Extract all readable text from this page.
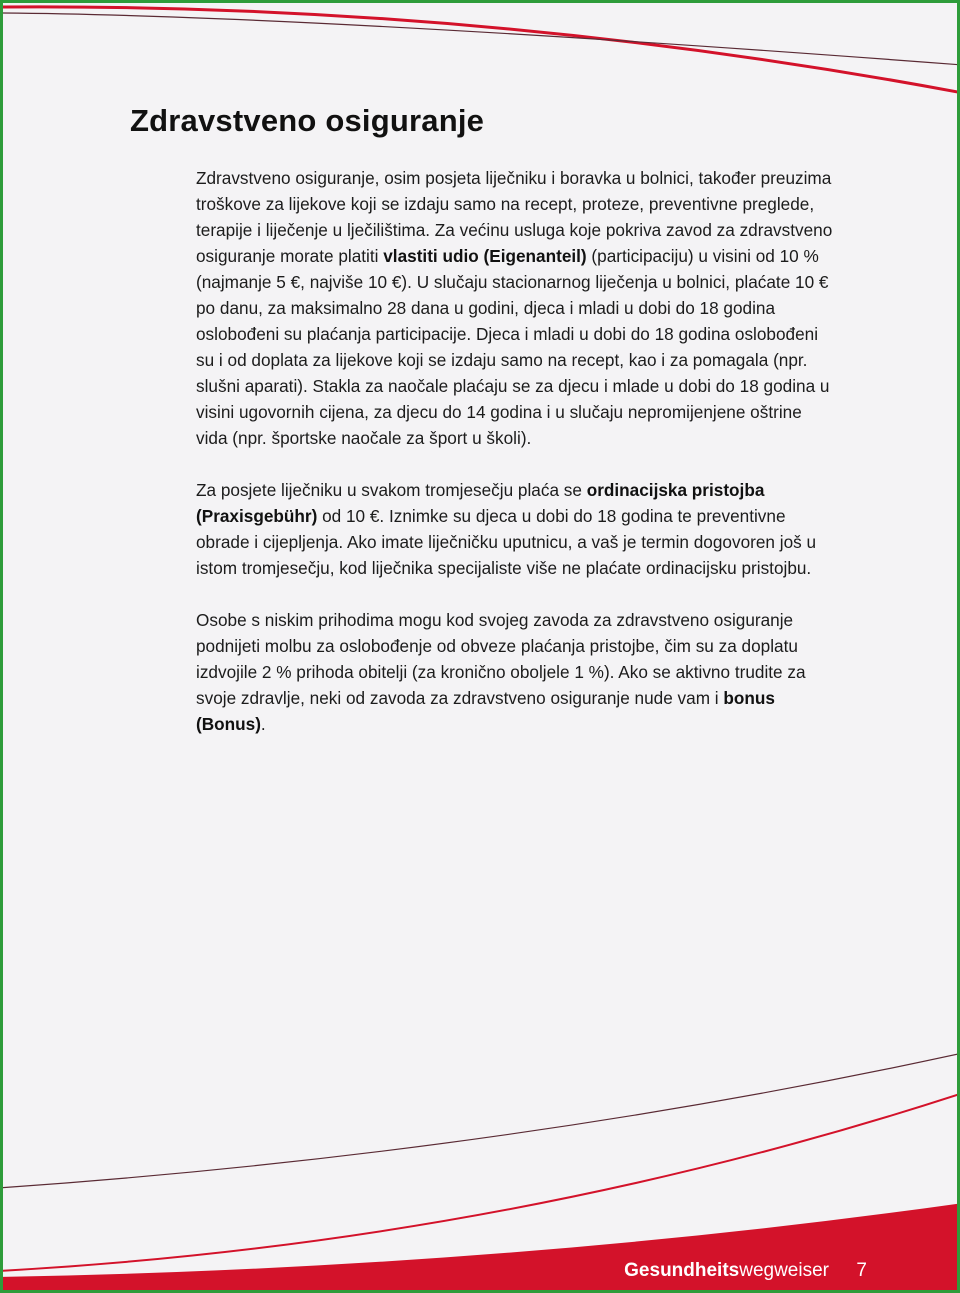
Zdravstveno osiguranje

Zdravstveno osiguranje, osim posjeta liječniku i boravka u bolnici, također preuzima troškove za lijekove koji se izdaju samo na recept, proteze, preventivne preglede, terapije i liječenje u lječilištima. Za većinu usluga koje pokriva zavod za zdravstveno osiguranje morate platiti vlastiti udio (Eigenanteil) (participaciju) u visini od 10 % (najmanje 5 €, najviše 10 €). U slučaju stacionarnog liječenja u bolnici, plaćate 10 € po danu, za maksimalno 28 dana u godini, djeca i mladi u dobi do 18 godina oslobođeni su plaćanja participacije. Djeca i mladi u dobi do 18 godina oslobođeni su i od doplata za lijekove koji se izdaju samo na recept, kao i za pomagala (npr. slušni aparati). Stakla za naočale plaćaju se za djecu i mlade u dobi do 18 godina u visini ugovornih cijena, za djecu do 14 godina i u slučaju nepromijenjene oštrine vida (npr. športske naočale za šport u školi).

Za posjete liječniku u svakom tromjesečju plaća se ordinacijska pristojba (Praxisgebühr) od 10 €. Iznimke su djeca u dobi do 18 godina te preventivne obrade i cijepljenja. Ako imate liječničku uputnicu, a vaš je termin dogovoren još u istom tromjesečju, kod liječnika specijaliste više ne plaćate ordinacijsku pristojbu.

Osobe s niskim prihodima mogu kod svojeg zavoda za zdravstveno osiguranje podnijeti molbu za oslobođenje od obveze plaćanja pristojbe, čim su za doplatu izdvojile 2 % prihoda obitelji (za kronično oboljele 1 %). Ako se aktivno trudite za svoje zdravlje, neki od zavoda za zdravstveno osiguranje nude vam i bonus (Bonus).

Gesundheitswegweiser 7
